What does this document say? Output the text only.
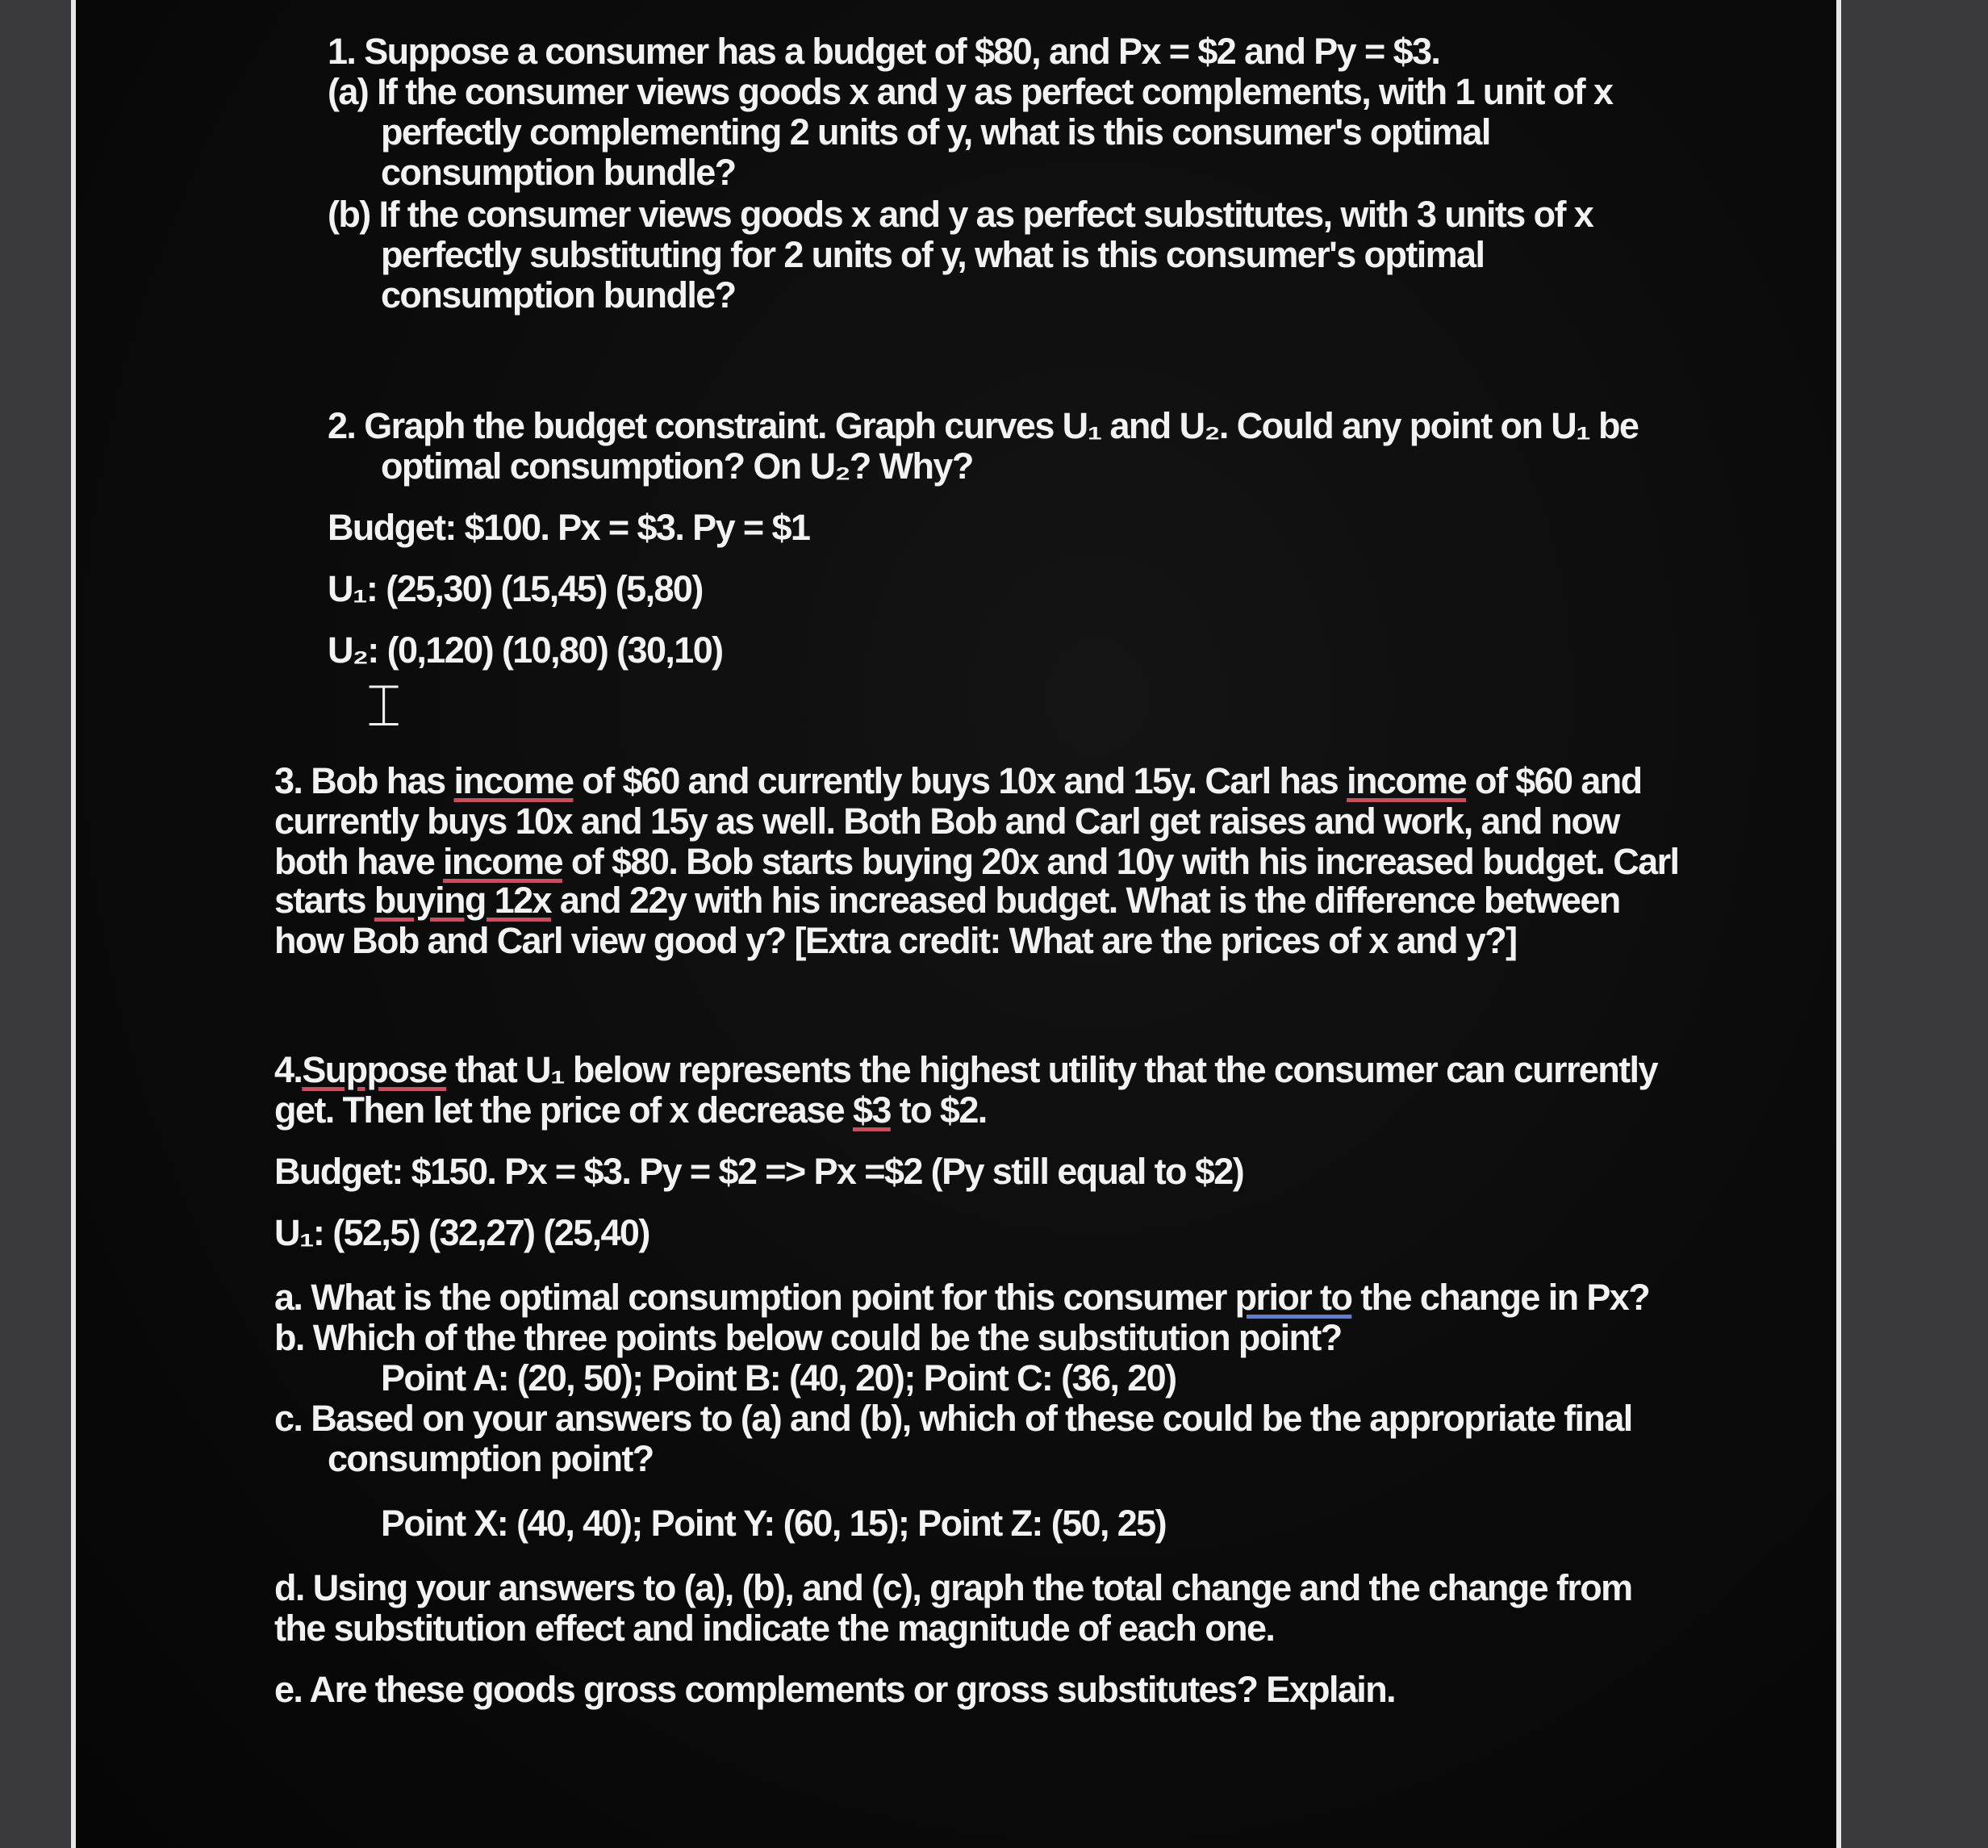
1. Suppose a consumer has a budget of $80, and Px = $2 and Py = $3.
(a) If the consumer views goods x and y as perfect complements, with 1 unit of x
perfectly complementing 2 units of y, what is this consumer's optimal
consumption bundle?
(b) If the consumer views goods x and y as perfect substitutes, with 3 units of x
perfectly substituting for 2 units of y, what is this consumer's optimal
consumption bundle?
2. Graph the budget constraint. Graph curves U₁ and U₂. Could any point on U₁ be
optimal consumption? On U₂? Why?
Budget: $100. Px = $3. Py = $1
U₁: (25,30) (15,45) (5,80)
U₂: (0,120) (10,80) (30,10)
⌶
3. Bob has income of $60 and currently buys 10x and 15y. Carl has income of $60 and
currently buys 10x and 15y as well. Both Bob and Carl get raises and work, and now
both have income of $80. Bob starts buying 20x and 10y with his increased budget. Carl
starts buying 12x and 22y with his increased budget. What is the difference between
how Bob and Carl view good y? [Extra credit: What are the prices of x and y?]
4.Suppose that U₁ below represents the highest utility that the consumer can currently
get. Then let the price of x decrease $3 to $2.
Budget: $150. Px = $3. Py = $2 => Px =$2 (Py still equal to $2)
U₁: (52,5) (32,27) (25,40)
a. What is the optimal consumption point for this consumer prior to the change in Px?
b. Which of the three points below could be the substitution point?
Point A: (20, 50); Point B: (40, 20); Point C: (36, 20)
c. Based on your answers to (a) and (b), which of these could be the appropriate final
consumption point?
Point X: (40, 40); Point Y: (60, 15); Point Z: (50, 25)
d. Using your answers to (a), (b), and (c), graph the total change and the change from
the substitution effect and indicate the magnitude of each one.
e. Are these goods gross complements or gross substitutes? Explain.
